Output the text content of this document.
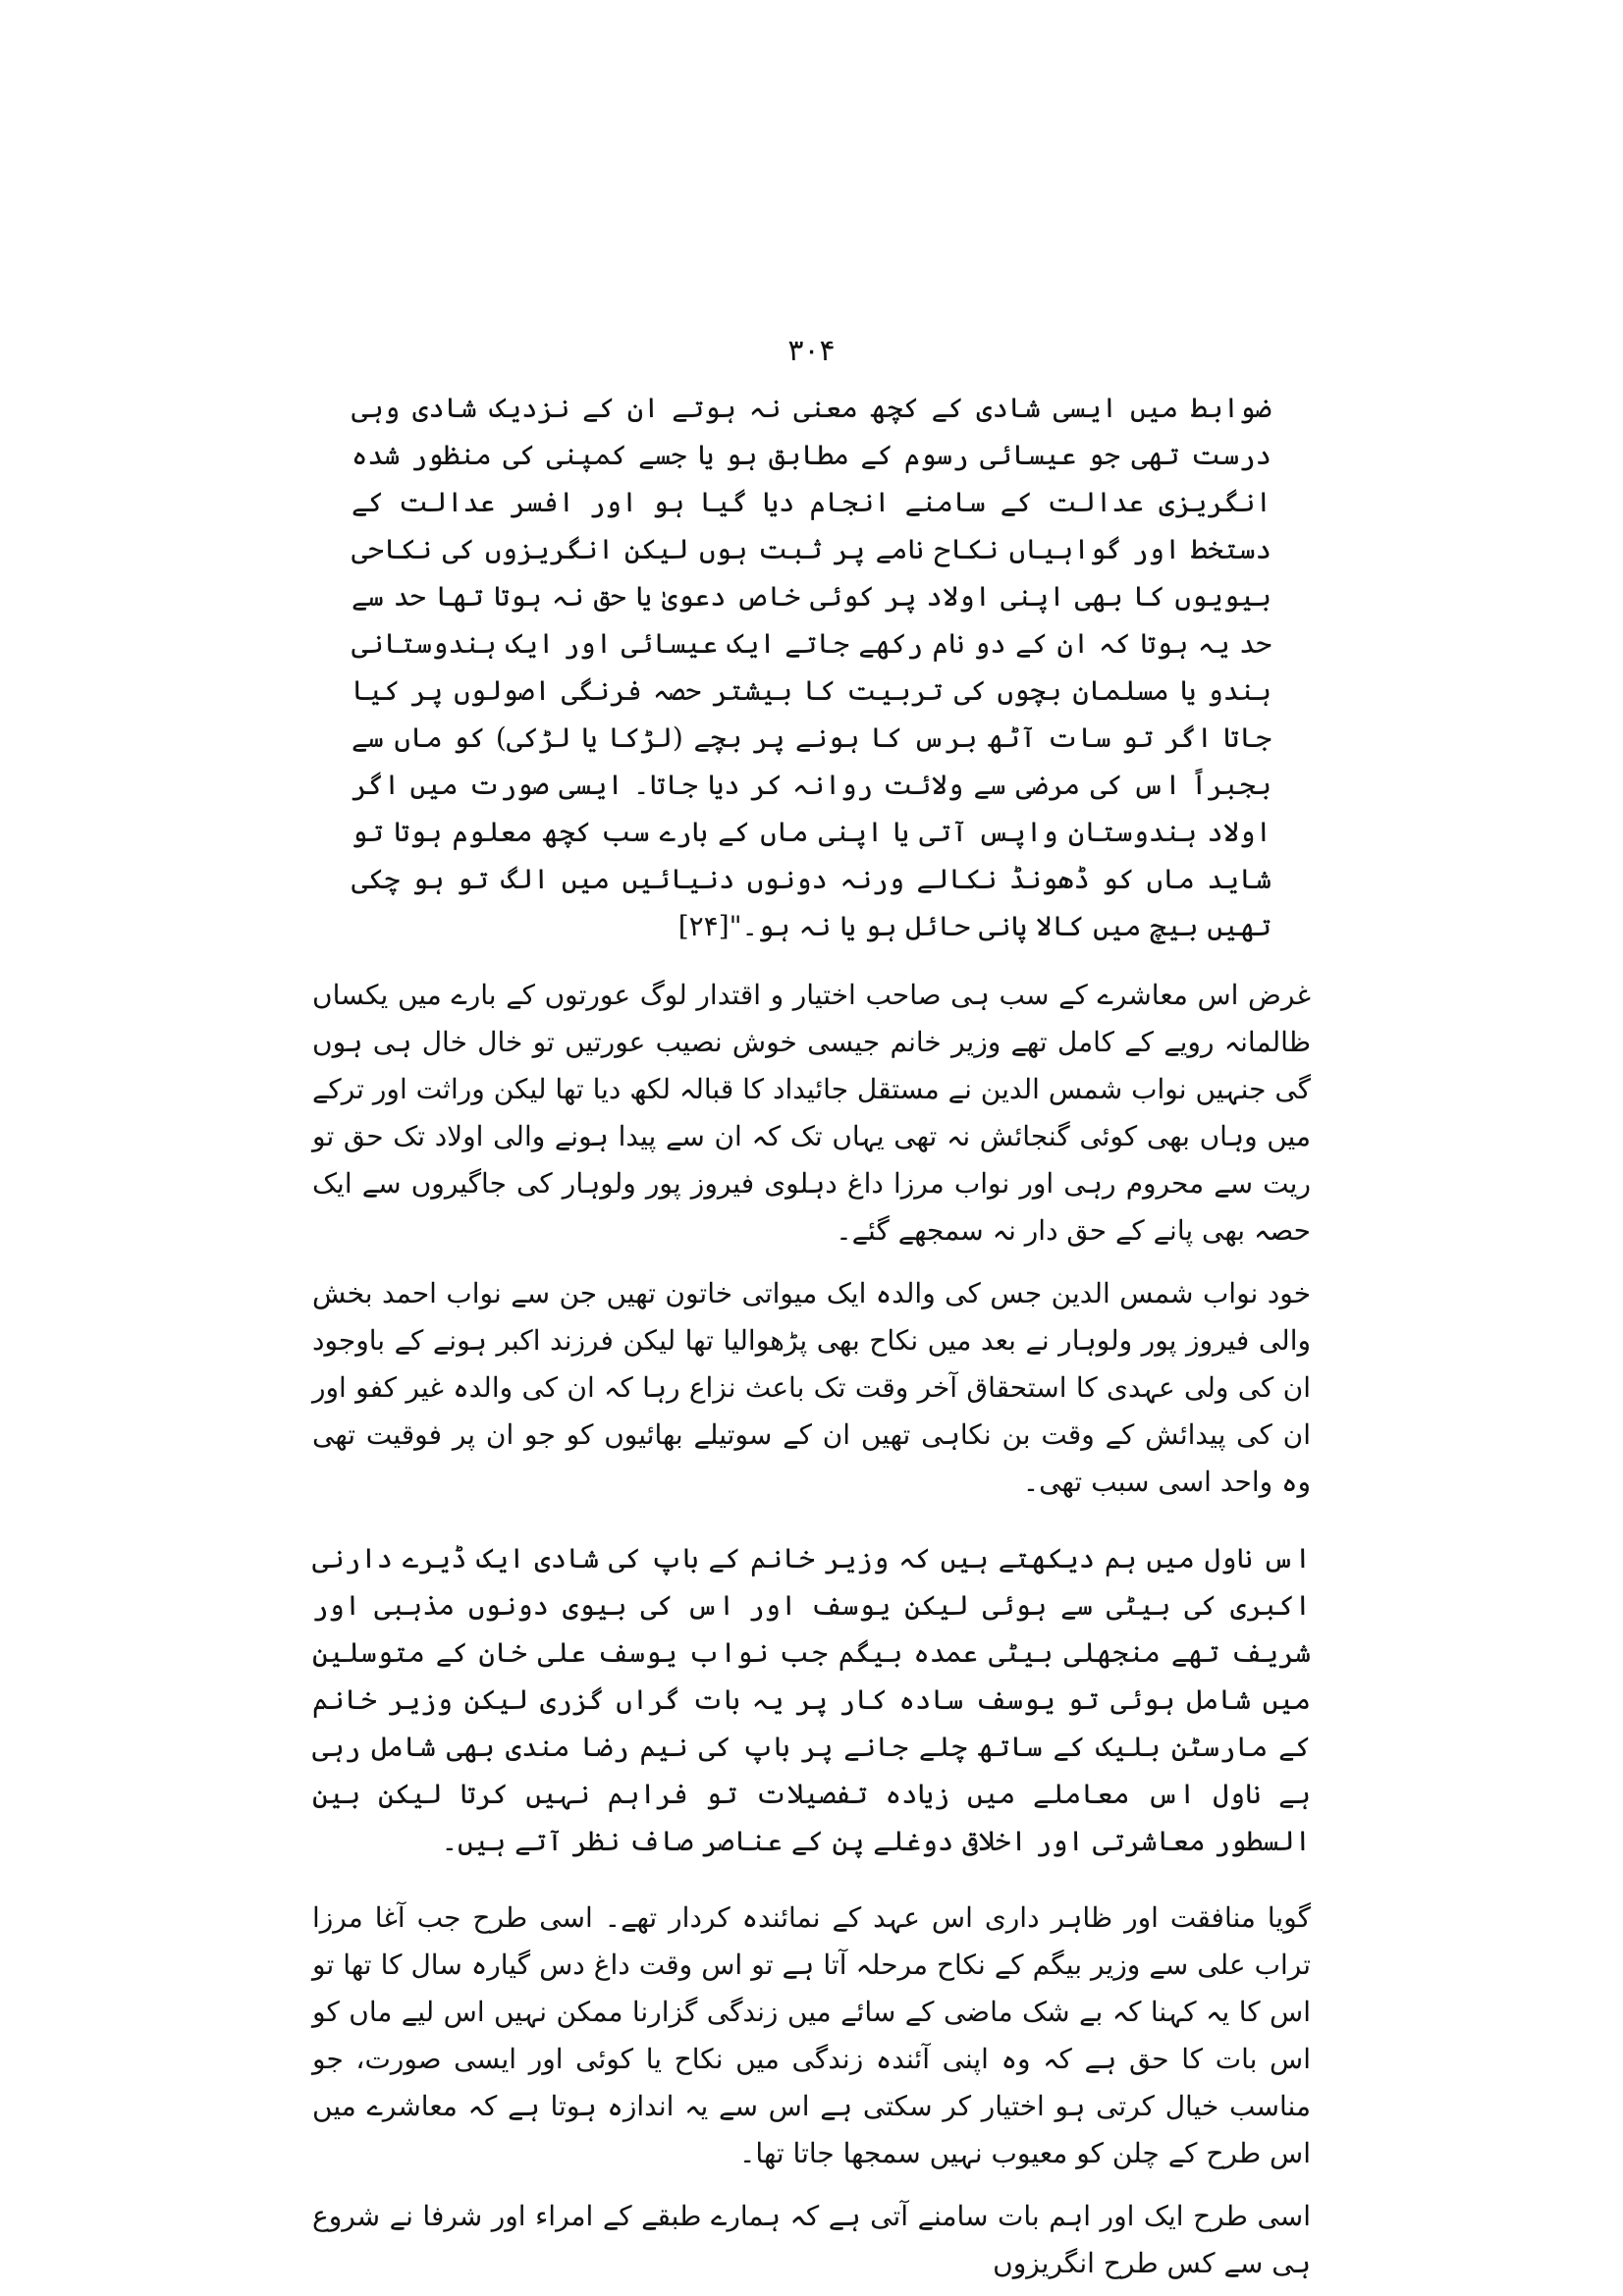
۳۰۴

ضوابط میں ایسی شادی کے کچھ معنی نہ ہوتے ان کے نزدیک شادی وہی درست تھی جو عیسائی رسوم کے مطابق ہو یا جسے کمپنی کی منظور شدہ انگریزی عدالت کے سامنے انجام دیا گیا ہو اور افسر عدالت کے دستخط اور گواہیاں نکاح نامے پر ثبت ہوں لیکن انگریزوں کی نکاحی بیویوں کا بھی اپنی اولاد پر کوئی خاص دعویٰ یا حق نہ ہوتا تھا حد سے حد یہ ہوتا کہ ان کے دو نام رکھے جاتے ایک عیسائی اور ایک ہندوستانی ہندو یا مسلمان بچوں کی تربیت کا بیشتر حصہ فرنگی اصولوں پر کیا جاتا اگر تو سات آٹھ برس کا ہونے پر بچے (لڑکا یا لڑکی) کو ماں سے بجبراً اس کی مرضی سے ولائت روانہ کر دیا جاتا۔ ایسی صورت میں اگر اولاد ہندوستان واپس آتی یا اپنی ماں کے بارے سب کچھ معلوم ہوتا تو شاید ماں کو ڈھونڈ نکالے ورنہ دونوں دنیائیں میں الگ تو ہو چکی تھیں بیچ میں کالا پانی حائل ہو یا نہ ہو۔"[۲۴]

غرض اس معاشرے کے سب ہی صاحب اختیار و اقتدار لوگ عورتوں کے بارے میں یکساں ظالمانہ رویے کے کامل تھے وزیر خانم جیسی خوش نصیب عورتیں تو خال خال ہی ہوں گی جنہیں نواب شمس الدین نے مستقل جائیداد کا قبالہ لکھ دیا تھا لیکن وراثت اور ترکے میں وہاں بھی کوئی گنجائش نہ تھی یہاں تک کہ ان سے پیدا ہونے والی اولاد تک حق تو ریت سے محروم رہی اور نواب مرزا داغ دہلوی فیروز پور ولوہار کی جاگیروں سے ایک حصہ بھی پانے کے حق دار نہ سمجھے گئے۔

خود نواب شمس الدین جس کی والدہ ایک میواتی خاتون تھیں جن سے نواب احمد بخش والی فیروز پور ولوہار نے بعد میں نکاح بھی پڑھوالیا تھا لیکن فرزند اکبر ہونے کے باوجود ان کی ولی عہدی کا استحقاق آخر وقت تک باعث نزاع رہا کہ ان کی والدہ غیر کفو اور ان کی پیدائش کے وقت بن نکاہی تھیں ان کے سوتیلے بھائیوں کو جو ان پر فوقیت تھی وہ واحد اسی سبب تھی۔

اس ناول میں ہم دیکھتے ہیں کہ وزیر خانم کے باپ کی شادی ایک ڈیرے دارنی اکبری کی بیٹی سے ہوئی لیکن یوسف اور اس کی بیوی دونوں مذہبی اور شریف تھے منجھلی بیٹی عمدہ بیگم جب نواب یوسف علی خان کے متوسلین میں شامل ہوئی تو یوسف سادہ کار پر یہ بات گراں گزری لیکن وزیر خانم کے مارسٹن بلیک کے ساتھ چلے جانے پر باپ کی نیم رضا مندی بھی شامل رہی ہے ناول اس معاملے میں زیادہ تفصیلات تو فراہم نہیں کرتا لیکن بین السطور معاشرتی اور اخلاقی دوغلے پن کے عناصر صاف نظر آتے ہیں۔

گویا منافقت اور ظاہر داری اس عہد کے نمائندہ کردار تھے۔ اسی طرح جب آغا مرزا تراب علی سے وزیر بیگم کے نکاح مرحلہ آتا ہے تو اس وقت داغ دس گیارہ سال کا تھا تو اس کا یہ کہنا کہ بے شک ماضی کے سائے میں زندگی گزارنا ممکن نہیں اس لیے ماں کو اس بات کا حق ہے کہ وہ اپنی آئندہ زندگی میں نکاح یا کوئی اور ایسی صورت، جو مناسب خیال کرتی ہو اختیار کر سکتی ہے اس سے یہ اندازہ ہوتا ہے کہ معاشرے میں اس طرح کے چلن کو معیوب نہیں سمجھا جاتا تھا۔

اسی طرح ایک اور اہم بات سامنے آتی ہے کہ ہمارے طبقے کے امراء اور شرفا نے شروع ہی سے کس طرح انگریزوں
